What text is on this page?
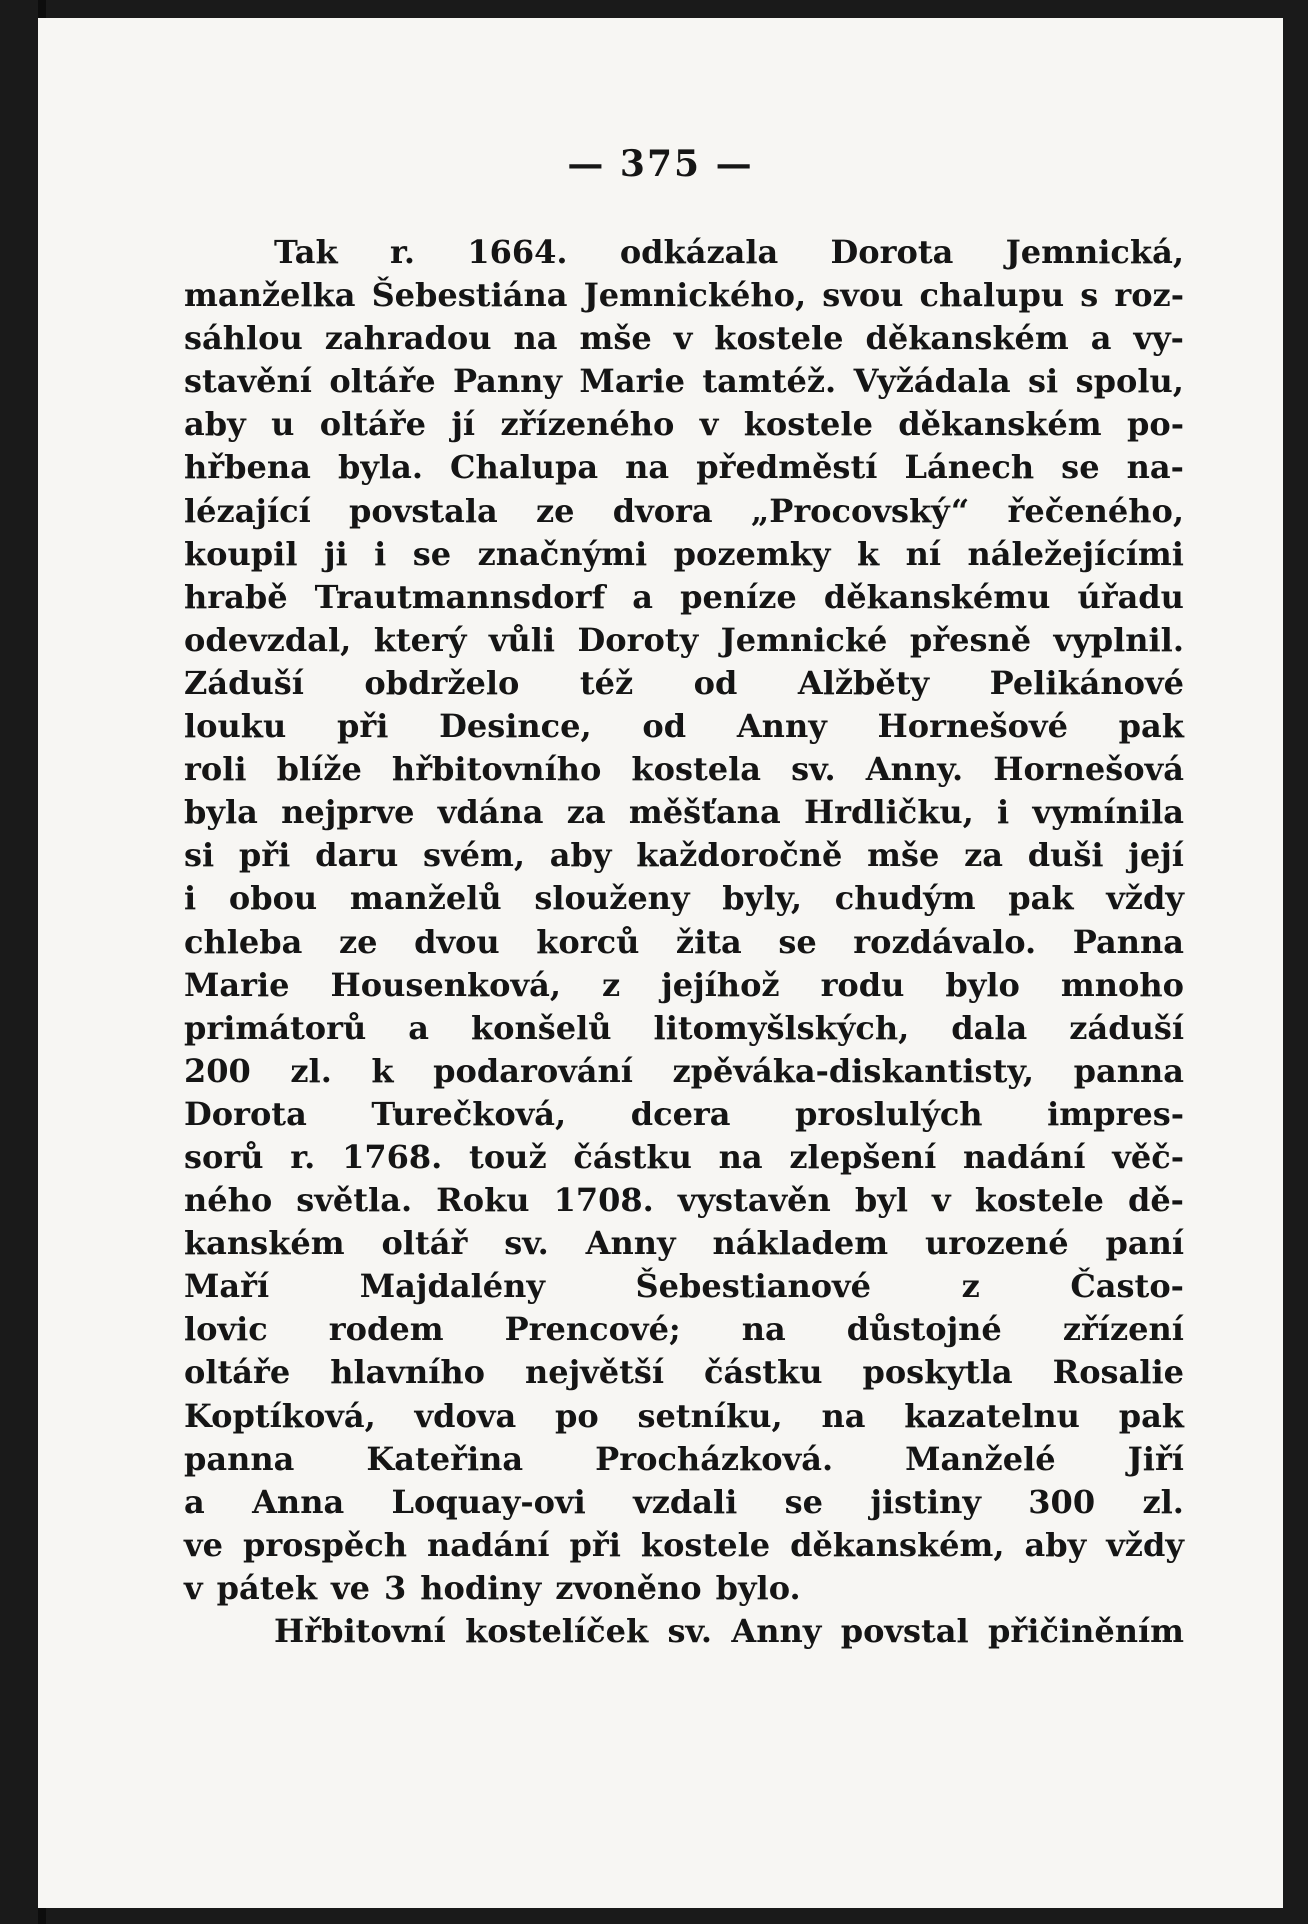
— 375 —
Tak r. 1664. odkázala Dorota Jemnická,
manželka Šebestiána Jemnického, svou chalupu s roz-
sáhlou zahradou na mše v kostele děkanském a vy-
stavění oltáře Panny Marie tamtéž. Vyžádala si spolu,
aby u oltáře jí zřízeného v kostele děkanském po-
hřbena byla. Chalupa na předměstí Lánech se na-
lézající povstala ze dvora „Procovský“ řečeného,
koupil ji i se značnými pozemky k ní náležejícími
hrabě Trautmannsdorf a peníze děkanskému úřadu
odevzdal, který vůli Doroty Jemnické přesně vyplnil.
Záduší obdrželo též od Alžběty Pelikánové
louku při Desince, od Anny Hornešové pak
roli blíže hřbitovního kostela sv. Anny. Hornešová
byla nejprve vdána za měšťana Hrdličku, i vymínila
si při daru svém, aby každoročně mše za duši její
i obou manželů slouženy byly, chudým pak vždy
chleba ze dvou korců žita se rozdávalo. Panna
Marie Housenková, z jejíhož rodu bylo mnoho
primátorů a konšelů litomyšlských, dala záduší
200 zl. k podarování zpěváka-diskantisty, panna
Dorota Turečková, dcera proslulých impres-
sorů r. 1768. touž částku na zlepšení nadání věč-
ného světla. Roku 1708. vystavěn byl v kostele dě-
kanském oltář sv. Anny nákladem urozené paní
Maří	Majdalény	Šebestianové	z	Často-
lovic rodem Prencové; na důstojné zřízení
oltáře hlavního největší částku poskytla Rosalie
Koptíková, vdova po setníku, na kazatelnu pak
panna Kateřina Procházková. Manželé Jiří
a Anna Loquay-ovi vzdali se jistiny 300 zl.
ve prospěch nadání při kostele děkanském, aby vždy
v pátek ve 3 hodiny zvoněno bylo.
Hřbitovní kostelíček sv. Anny povstal přičiněním
